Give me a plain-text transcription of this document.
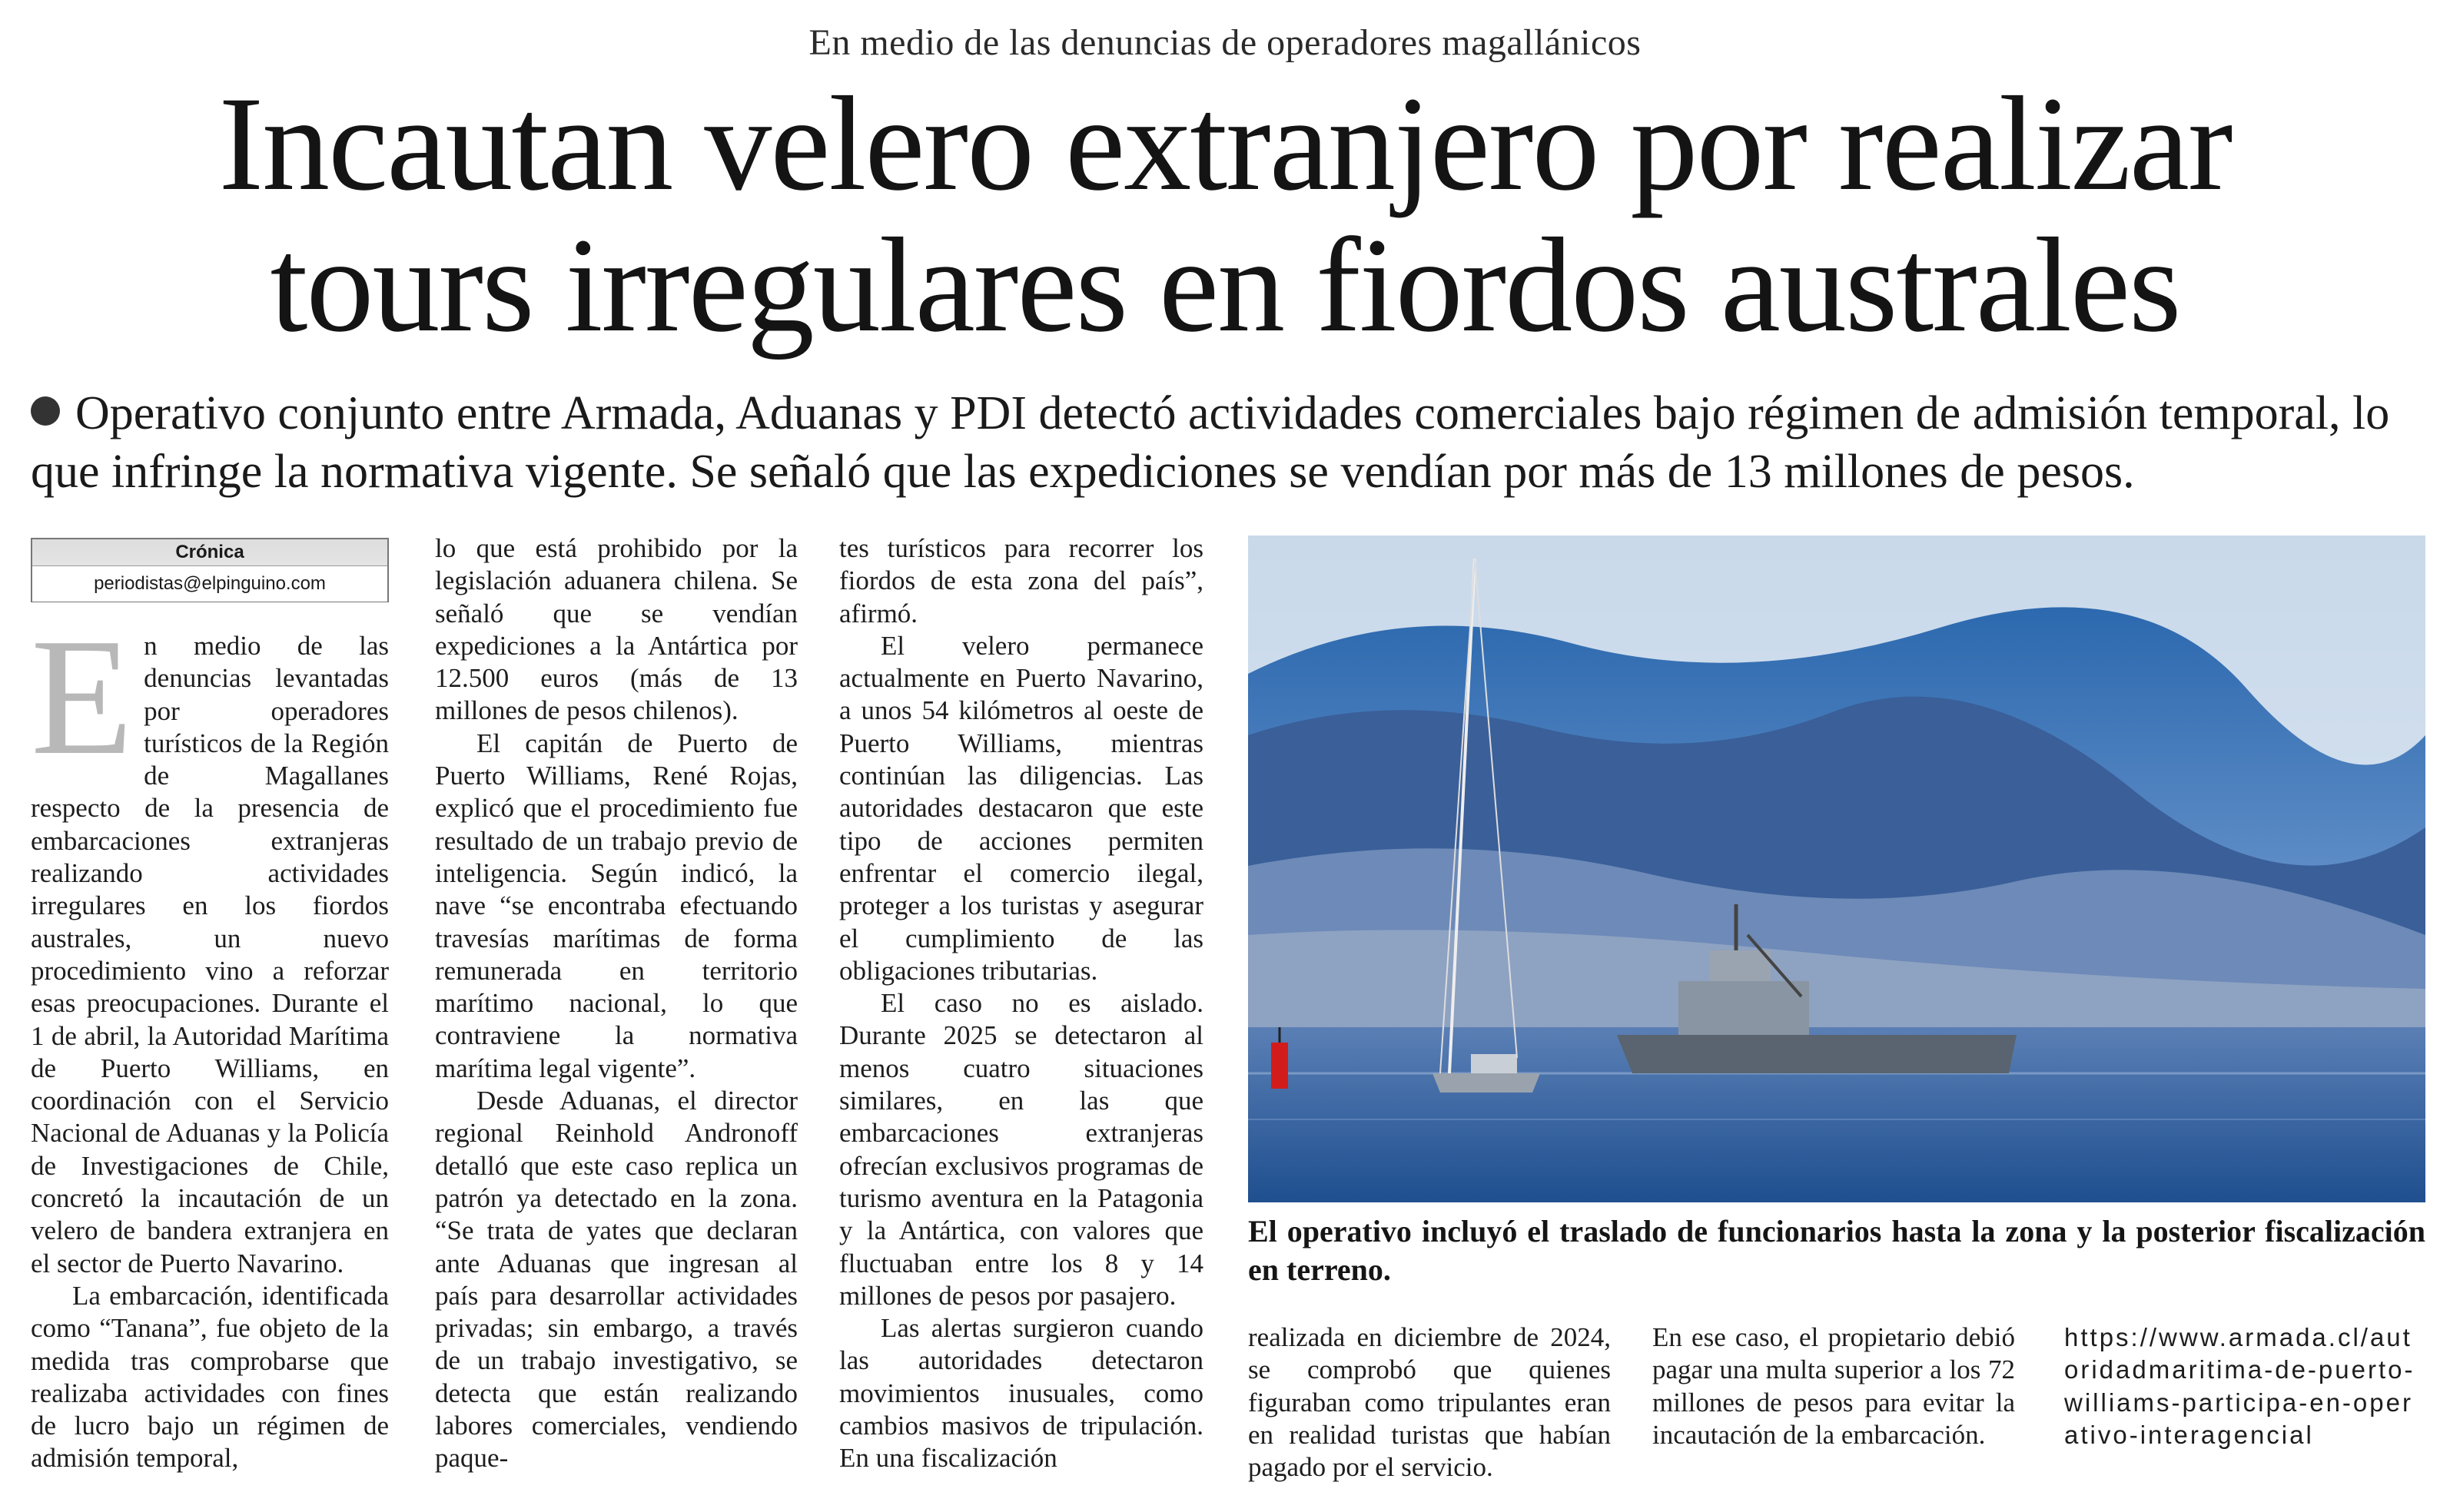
En medio de las denuncias de operadores magallánicos
Incautan velero extranjero por realizar
tours irregulares en fiordos australes
Operativo conjunto entre Armada, Aduanas y PDI detectó actividades comerciales bajo régimen de admisión temporal, lo que infringe la normativa vigente. Se señaló que las expediciones se vendían por más de 13 millones de pesos.
Crónica
periodistas@elpinguino.com

En medio de las denuncias levantadas por operadores turísticos de la Región de Magallanes respecto de la presencia de embarcaciones extranjeras realizando actividades irregulares en los fiordos australes, un nuevo procedimiento vino a reforzar esas preocupaciones. Durante el 1 de abril, la Autoridad Marítima de Puerto Williams, en coordinación con el Servicio Nacional de Aduanas y la Policía de Investigaciones de Chile, concretó la incautación de un velero de bandera extranjera en el sector de Puerto Navarino.

La embarcación, identificada como “Tanana”, fue objeto de la medida tras comprobarse que realizaba actividades con fines de lucro bajo un régimen de admisión temporal,

lo que está prohibido por la legislación aduanera chilena. Se señaló que se vendían expediciones a la Antártica por 12.500 euros (más de 13 millones de pesos chilenos).

El capitán de Puerto de Puerto Williams, René Rojas, explicó que el procedimiento fue resultado de un trabajo previo de inteligencia. Según indicó, la nave “se encontraba efectuando travesías marítimas de forma remunerada en territorio marítimo nacional, lo que contraviene la normativa marítima legal vigente”.

Desde Aduanas, el director regional Reinhold Andronoff detalló que este caso replica un patrón ya detectado en la zona. “Se trata de yates que declaran ante Aduanas que ingresan al país para desarrollar actividades privadas; sin embargo, a través de un trabajo investigativo, se detecta que están realizando labores comerciales, vendiendo paque-

tes turísticos para recorrer los fiordos de esta zona del país”, afirmó.

El velero permanece actualmente en Puerto Navarino, a unos 54 kilómetros al oeste de Puerto Williams, mientras continúan las diligencias. Las autoridades destacaron que este tipo de acciones permiten enfrentar el comercio ilegal, proteger a los turistas y asegurar el cumplimiento de las obligaciones tributarias.

El caso no es aislado. Durante 2025 se detectaron al menos cuatro situaciones similares, en las que embarcaciones extranjeras ofrecían exclusivos programas de turismo aventura en la Patagonia y la Antártica, con valores que fluctuaban entre los 8 y 14 millones de pesos por pasajero.

Las alertas surgieron cuando las autoridades detectaron movimientos inusuales, como cambios masivos de tripulación. En una fiscalización

El operativo incluyó el traslado de funcionarios hasta la zona y la posterior fiscalización en terreno.

realizada en diciembre de 2024, se comprobó que quienes figuraban como tripulantes eran en realidad turistas que habían pagado por el servicio.

En ese caso, el propietario debió pagar una multa superior a los 72 millones de pesos para evitar la incautación de la embarcación.

https://www.armada.cl/autoridadmaritima-de-puerto-williams-participa-en-operativo-interagencial
